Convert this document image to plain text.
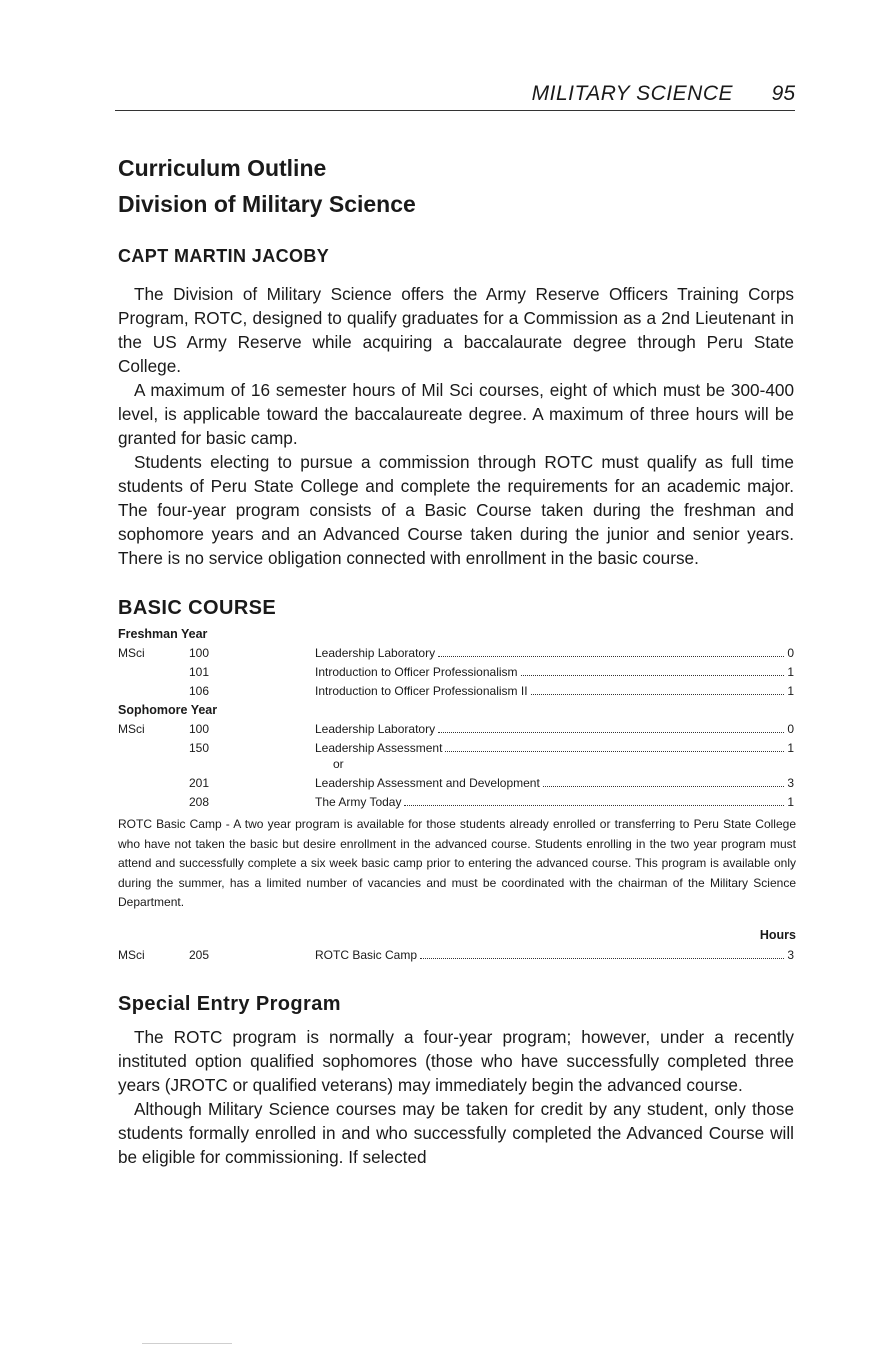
MILITARY SCIENCE 95
Curriculum Outline
Division of Military Science
CAPT MARTIN JACOBY

The Division of Military Science offers the Army Reserve Officers Training Corps Program, ROTC, designed to qualify graduates for a Commission as a 2nd Lieutenant in the US Army Reserve while acquiring a baccalaurate degree through Peru State College.

A maximum of 16 semester hours of Mil Sci courses, eight of which must be 300-400 level, is applicable toward the baccalaureate degree. A maximum of three hours will be granted for basic camp.

Students electing to pursue a commission through ROTC must qualify as full time students of Peru State College and complete the requirements for an academic major. The four-year program consists of a Basic Course taken during the freshman and sophomore years and an Advanced Course taken during the junior and senior years. There is no service obligation connected with enrollment in the basic course.

BASIC COURSE
Freshman Year
MSci	100	Leadership Laboratory	0
101	Introduction to Officer Professionalism	1
106	Introduction to Officer Professionalism II	1
Sophomore Year
MSci	100	Leadership Laboratory	0
150	Leadership Assessment	1
or
201	Leadership Assessment and Development	3
208	The Army Today	1
ROTC Basic Camp - A two year program is available for those students already enrolled or transferring to Peru State College who have not taken the basic but desire enrollment in the advanced course. Students enrolling in the two year program must attend and successfully complete a six week basic camp prior to entering the advanced course. This program is available only during the summer, has a limited number of vacancies and must be coordinated with the chairman of the Military Science Department.
Hours
MSci	205	ROTC Basic Camp	3
Special Entry Program

The ROTC program is normally a four-year program; however, under a recently instituted option qualified sophomores (those who have successfully completed three years (JROTC or qualified veterans) may immediately begin the advanced course.

Although Military Science courses may be taken for credit by any student, only those students formally enrolled in and who successfully completed the Advanced Course will be eligible for commissioning. If selected
